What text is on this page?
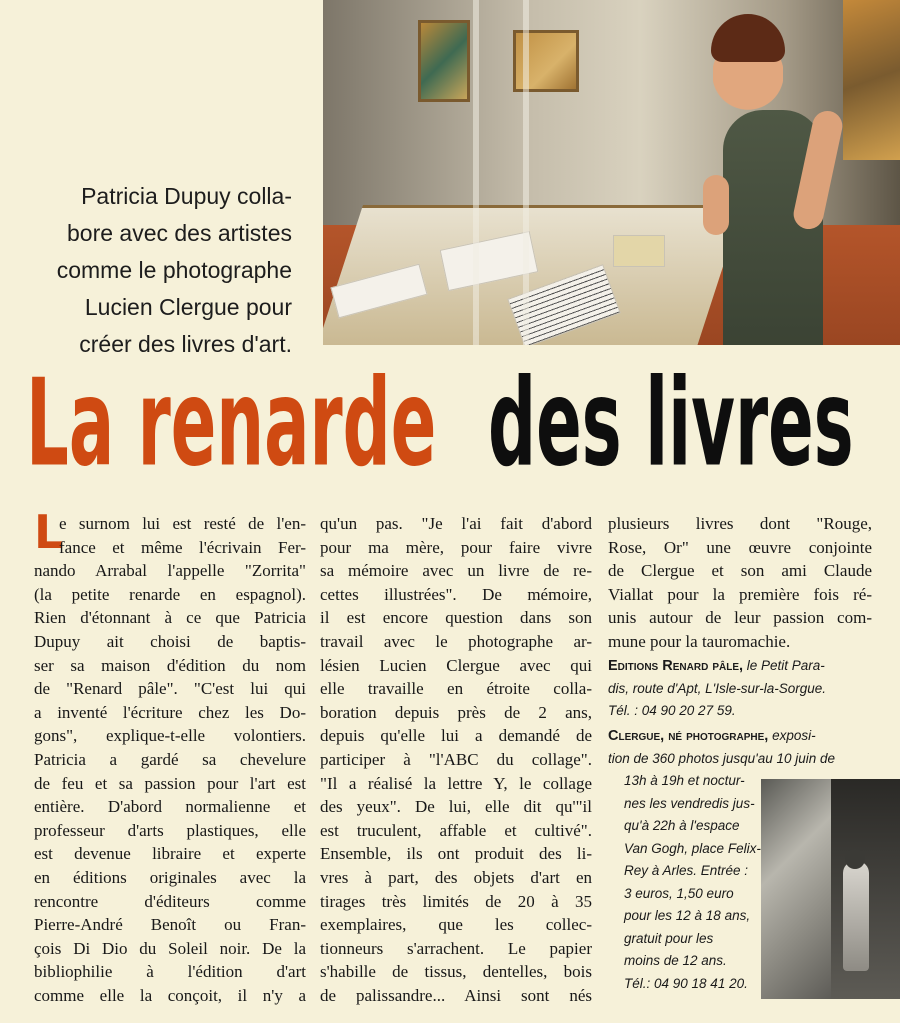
Patricia Dupuy colla-
bore avec des artistes
comme le photographe
Lucien Clergue pour
créer des livres d'art.
La renarde des livres
L
e surnom lui est resté de l'en-
fance et même l'écrivain Fer-
nando Arrabal l'appelle "Zorrita"
(la petite renarde en espagnol).
Rien d'étonnant à ce que Patricia
Dupuy ait choisi de baptis-
ser sa maison d'édition du nom
de "Renard pâle". "C'est lui qui
a inventé l'écriture chez les Do-
gons", explique-t-elle volontiers.
Patricia a gardé sa chevelure
de feu et sa passion pour l'art est
entière. D'abord normalienne et
professeur d'arts plastiques, elle
est devenue libraire et experte
en éditions originales avec la
rencontre d'éditeurs comme
Pierre-André Benoît ou Fran-
çois Di Dio du Soleil noir. De la
bibliophilie à l'édition d'art
comme elle la conçoit, il n'y a
qu'un pas. "Je l'ai fait d'abord
pour ma mère, pour faire vivre
sa mémoire avec un livre de re-
cettes illustrées". De mémoire,
il est encore question dans son
travail avec le photographe ar-
lésien Lucien Clergue avec qui
elle travaille en étroite colla-
boration depuis près de 2 ans,
depuis qu'elle lui a demandé de
participer à "l'ABC du collage".
"Il a réalisé la lettre Y, le collage
des yeux". De lui, elle dit qu'"il
est truculent, affable et cultivé".
Ensemble, ils ont produit des li-
vres à part, des objets d'art en
tirages très limités de 20 à 35
exemplaires, que les collec-
tionneurs s'arrachent. Le papier
s'habille de tissus, dentelles, bois
de palissandre... Ainsi sont nés
plusieurs livres dont "Rouge,
Rose, Or" une œuvre conjointe
de Clergue et son ami Claude
Viallat pour la première fois ré-
unis autour de leur passion com-
mune pour la tauromachie.
Editions Renard pâle, le Petit Para-
dis, route d'Apt, L'Isle-sur-la-Sorgue.
Tél. : 04 90 20 27 59.
Clergue, né photographe, exposi-
tion de 360 photos jusqu'au 10 juin de
13h à 19h et noctur-
nes les vendredis jus-
qu'à 22h à l'espace
Van Gogh, place Felix-
Rey à Arles. Entrée :
3 euros, 1,50 euro
pour les 12 à 18 ans,
gratuit pour les
moins de 12 ans.
Tél.: 04 90 18 41 20.
